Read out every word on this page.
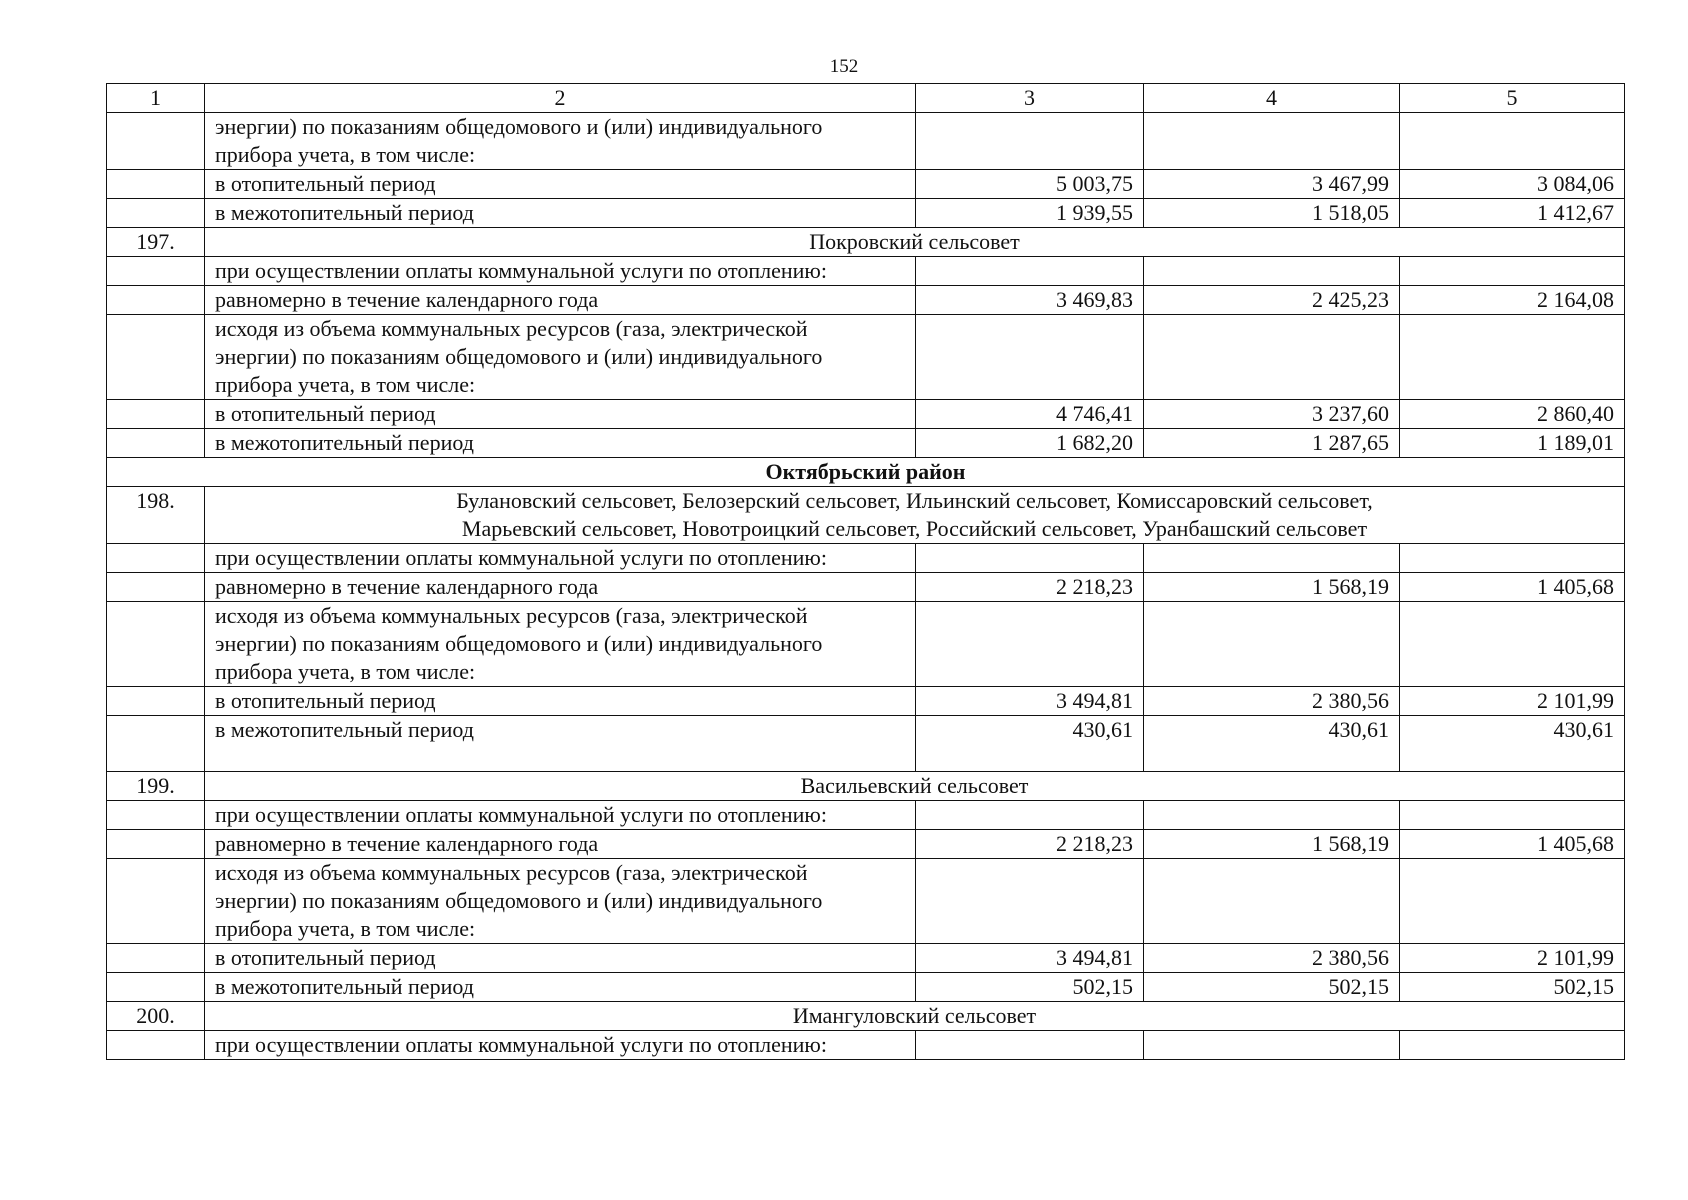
152
1	2	3	4	5

	энергии) по показаниям общедомового и (или) индивидуального
прибора учета, в том числе:			

	в отопительный период	5 003,75	3 467,99	3 084,06
	в межотопительный период	1 939,55	1 518,05	1 412,67
197.	Покровский сельсовет			
	при осуществлении оплаты коммунальной услуги по отоплению:			
	равномерно в течение календарного года	3 469,83	2 425,23	2 164,08

	исходя из объема коммунальных ресурсов (газа, электрической
энергии) по показаниям общедомового и (или) индивидуального
прибора учета, в том числе:			

	в отопительный период	4 746,41	3 237,60	2 860,40
	в межотопительный период	1 682,20	1 287,65	1 189,01
Октябрьский район				
198.	Булановский сельсовет, Белозерский сельсовет, Ильинский сельсовет, Комиссаровский сельсовет,
Марьевский сельсовет, Новотроицкий сельсовет, Российский сельсовет, Уранбашский сельсовет			

	при осуществлении оплаты коммунальной услуги по отоплению:			
	равномерно в течение календарного года	2 218,23	1 568,19	1 405,68

	исходя из объема коммунальных ресурсов (газа, электрической
энергии) по показаниям общедомового и (или) индивидуального
прибора учета, в том числе:			

	в отопительный период	3 494,81	2 380,56	2 101,99
	в межотопительный период	430,61	430,61	430,61
199.	Васильевский сельсовет			
	при осуществлении оплаты коммунальной услуги по отоплению:			
	равномерно в течение календарного года	2 218,23	1 568,19	1 405,68

	исходя из объема коммунальных ресурсов (газа, электрической
энергии) по показаниям общедомового и (или) индивидуального
прибора учета, в том числе:			

	в отопительный период	3 494,81	2 380,56	2 101,99
	в межотопительный период	502,15	502,15	502,15
200.	Имангуловский сельсовет			
	при осуществлении оплаты коммунальной услуги по отоплению:			
